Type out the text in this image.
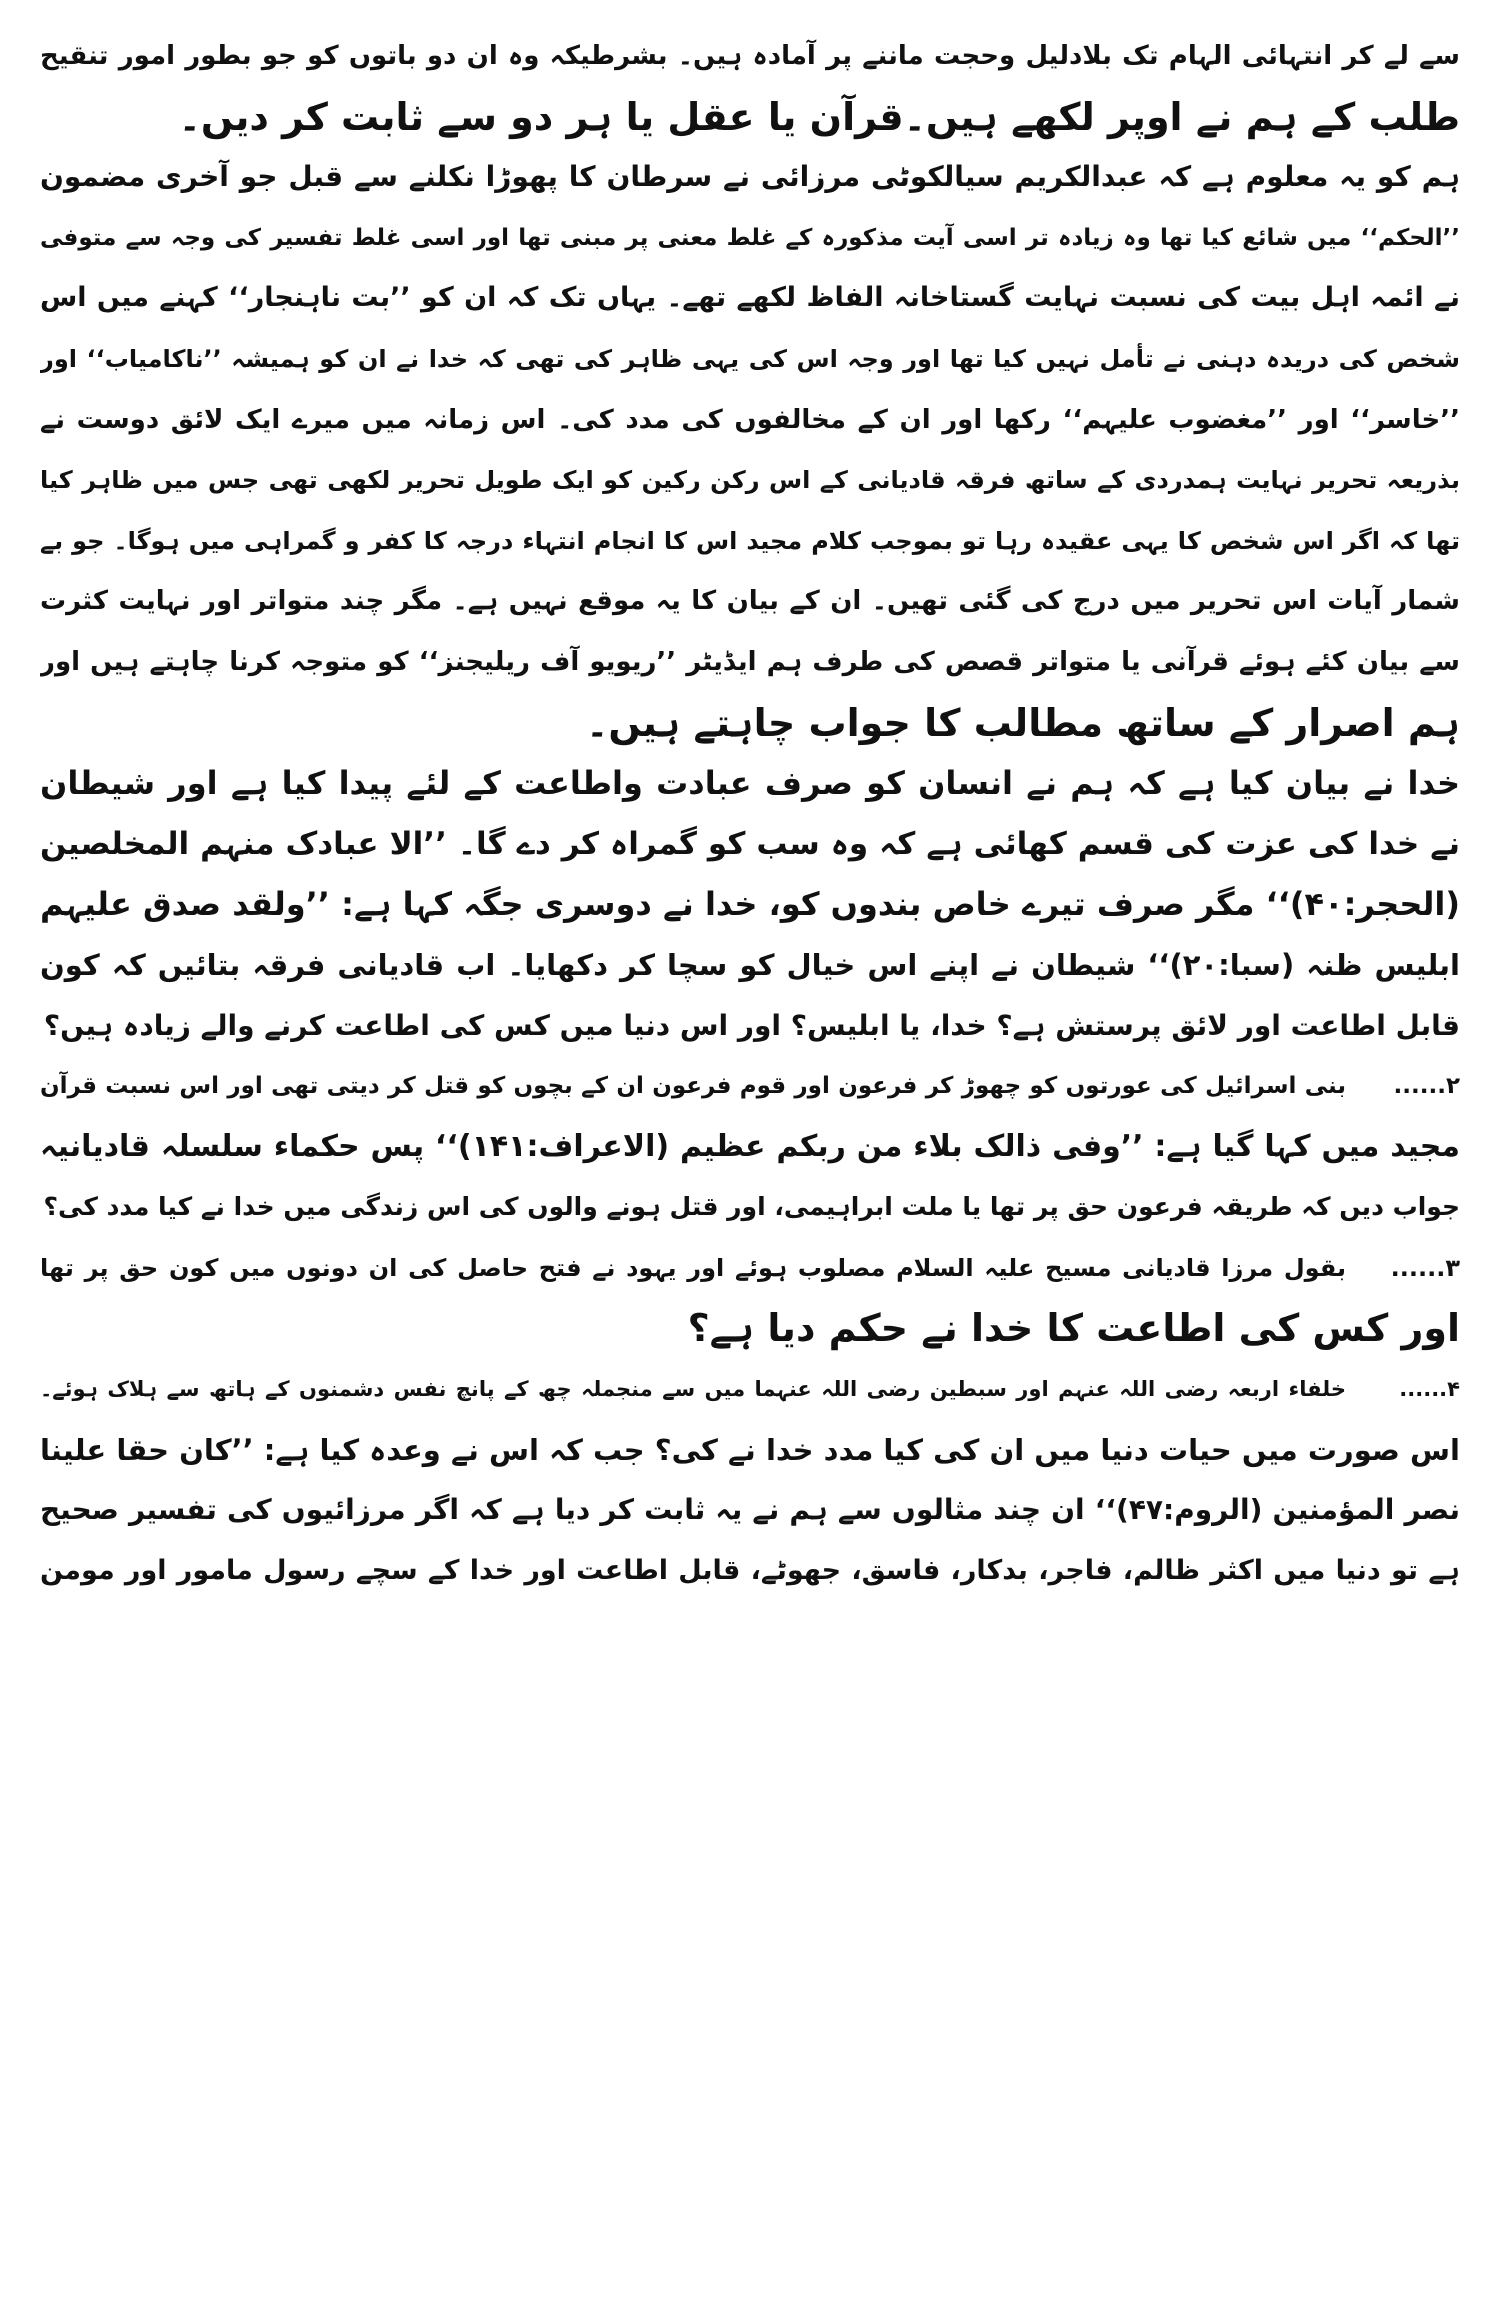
سے لے کر انتہائی الہام تک بلادلیل وحجت ماننے پر آمادہ ہیں۔ بشرطیکہ وہ ان دو باتوں کو جو بطور امور تنقیح
طلب کے ہم نے اوپر لکھے ہیں۔قرآن یا عقل یا ہر دو سے ثابت کر دیں۔
ہم کو یہ معلوم ہے کہ عبدالکریم سیالکوٹی مرزائی نے سرطان کا پھوڑا نکلنے سے قبل جو آخری مضمون
’’الحکم‘‘ میں شائع کیا تھا وہ زیادہ تر اسی آیت مذکورہ کے غلط معنی پر مبنی تھا اور اسی غلط تفسیر کی وجہ سے متوفی
نے ائمہ اہل بیت کی نسبت نہایت گستاخانہ الفاظ لکھے تھے۔ یہاں تک کہ ان کو ’’بت ناہنجار‘‘ کہنے میں اس
شخص کی دریدہ دہنی نے تأمل نہیں کیا تھا اور وجہ اس کی یہی ظاہر کی تھی کہ خدا نے ان کو ہمیشہ ’’ناکامیاب‘‘ اور
’’خاسر‘‘ اور ’’مغضوب علیہم‘‘ رکھا اور ان کے مخالفوں کی مدد کی۔ اس زمانہ میں میرے ایک لائق دوست نے
بذریعہ تحریر نہایت ہمدردی کے ساتھ فرقہ قادیانی کے اس رکن رکین کو ایک طویل تحریر لکھی تھی جس میں ظاہر کیا
تھا کہ اگر اس شخص کا یہی عقیدہ رہا تو بموجب کلام مجید اس کا انجام انتہاء درجہ کا کفر و گمراہی میں ہوگا۔ جو بے
شمار آیات اس تحریر میں درج کی گئی تھیں۔ ان کے بیان کا یہ موقع نہیں ہے۔ مگر چند متواتر اور نہایت کثرت
سے بیان کئے ہوئے قرآنی یا متواتر قصص کی طرف ہم ایڈیٹر ’’ریویو آف ریلیجنز‘‘ کو متوجہ کرنا چاہتے ہیں اور
ہم اصرار کے ساتھ مطالب کا جواب چاہتے ہیں۔
خدا نے بیان کیا ہے کہ ہم نے انسان کو صرف عبادت واطاعت کے لئے پیدا کیا ہے اور شیطان
نے خدا کی عزت کی قسم کھائی ہے کہ وہ سب کو گمراہ کر دے گا۔ ’’الا عبادک منہم المخلصین
(الحجر:۴۰)‘‘ مگر صرف تیرے خاص بندوں کو، خدا نے دوسری جگہ کہا ہے: ’’ولقد صدق علیہم
ابلیس ظنہ (سبا:۲۰)‘‘ شیطان نے اپنے اس خیال کو سچا کر دکھایا۔ اب قادیانی فرقہ بتائیں کہ کون
قابل اطاعت اور لائق پرستش ہے؟ خدا، یا ابلیس؟ اور اس دنیا میں کس کی اطاعت کرنے والے زیادہ ہیں؟
۲......بنی اسرائیل کی عورتوں کو چھوڑ کر فرعون اور قوم فرعون ان کے بچوں کو قتل کر دیتی تھی اور اس نسبت قرآن
مجید میں کہا گیا ہے: ’’وفی ذالک بلاء من ربکم عظیم (الاعراف:۱۴۱)‘‘ پس حکماء سلسلہ قادیانیہ
جواب دیں کہ طریقہ فرعون حق پر تھا یا ملت ابراہیمی، اور قتل ہونے والوں کی اس زندگی میں خدا نے کیا مدد کی؟
۳......بقول مرزا قادیانی مسیح علیہ السلام مصلوب ہوئے اور یہود نے فتح حاصل کی ان دونوں میں کون حق پر تھا
اور کس کی اطاعت کا خدا نے حکم دیا ہے؟
۴......خلفاء اربعہ رضی اللہ عنہم اور سبطین رضی اللہ عنہما میں سے منجملہ چھ کے پانچ نفس دشمنوں کے ہاتھ سے ہلاک ہوئے۔
اس صورت میں حیات دنیا میں ان کی کیا مدد خدا نے کی؟ جب کہ اس نے وعدہ کیا ہے: ’’کان حقا علینا
نصر المؤمنین (الروم:۴۷)‘‘ ان چند مثالوں سے ہم نے یہ ثابت کر دیا ہے کہ اگر مرزائیوں کی تفسیر صحیح
ہے تو دنیا میں اکثر ظالم، فاجر، بدکار، فاسق، جھوٹے، قابل اطاعت اور خدا کے سچے رسول مامور اور مومن
